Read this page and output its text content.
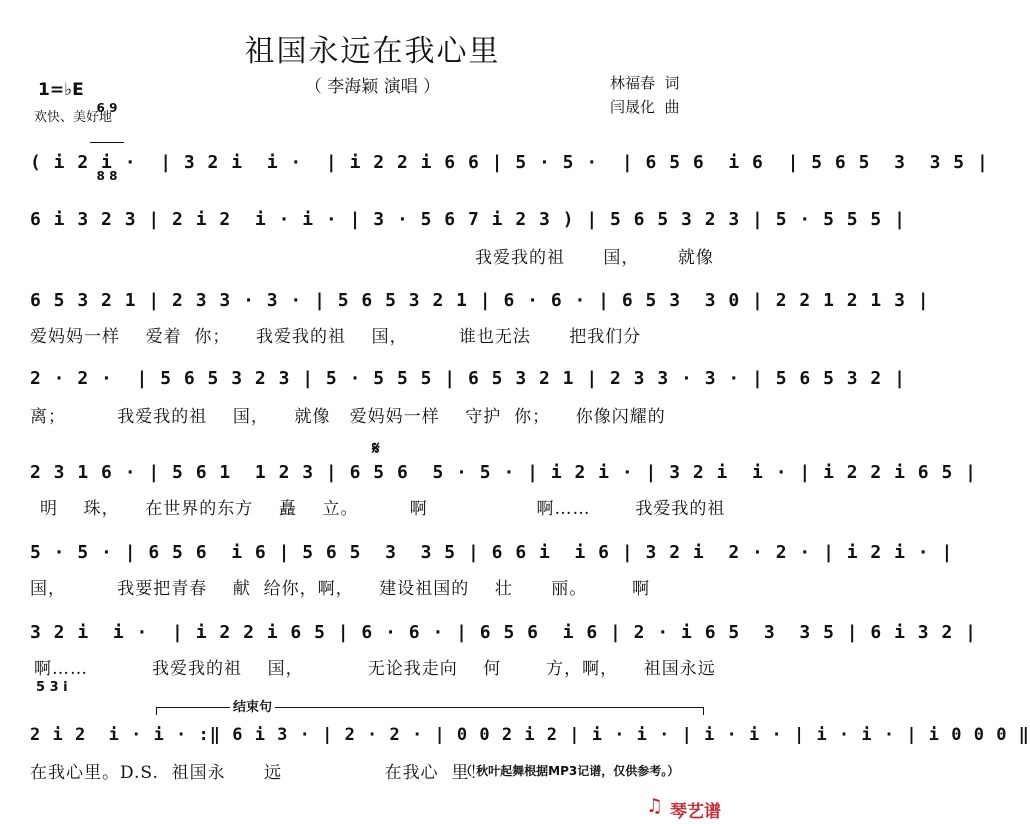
祖国永远在我心里
（ 李海颖 演唱 ）	林福春  词
闫晟化  曲
1=♭E

6 9

8 8

欢快、美好地
( i 2 i ·  | 3 2 i  i ·  | i 2 2 i 6 6 | 5 · 5 ·  | 6 5 6  i 6  | 5 6 5  3  3 5 |
6 i 3 2 3 | 2 i 2  i · i · | 3 · 5 6 7 i 2 3 ) | 5 6 5 3 2 3 | 5 · 5 5 5 |
我爱我的祖      国，      就像
6 5 3 2 1 | 2 3 3 · 3 · | 5 6 5 3 2 1 | 6 · 6 · | 6 5 3  3 0 | 2 2 1 2 1 3 |
爱妈妈一样    爱着  你；    我爱我的祖    国，        谁也无法      把我们分
2 · 2 ·  | 5 6 5 3 2 3 | 5 · 5 5 5 | 6 5 3 2 1 | 2 3 3 · 3 · | 5 6 5 3 2 |
离；        我爱我的祖    国，    就像   爱妈妈一样    守护  你；    你像闪耀的
𝄋
2 3 1 6 · | 5 6 1  1 2 3 | 6 5 6  5 · 5 · | i 2 i · | 3 2 i  i · | i 2 2 i 6 5 |
明    珠，    在世界的东方    矗    立。        啊                 啊……       我爱我的祖
5 · 5 · | 6 5 6  i 6 | 5 6 5  3  3 5 | 6 6 i  i 6 | 3 2 i  2 · 2 · | i 2 i · |
国，        我要把青春    献  给你，啊，    建设祖国的    壮      丽。       啊
3 2 i  i ·  | i 2 2 i 6 5 | 6 · 6 · | 6 5 6  i 6 | 2 · i 6 5  3  3 5 | 6 i 3 2 |
啊……          我爱我的祖    国，          无论我走向    何       方，啊，    祖国永远
5 3 i
结束句
2 i 2  i · i · :‖ 6 i 3 · | 2 · 2 · | 0 0 2 i 2 | i · i · | i · i · | i · i · | i 0 0 0 ‖
在我心里。D.S.  祖国永      远                在我心  里！
（ 秋叶起舞根据MP3记谱，仅供参考。）
♫ 琴艺谱
